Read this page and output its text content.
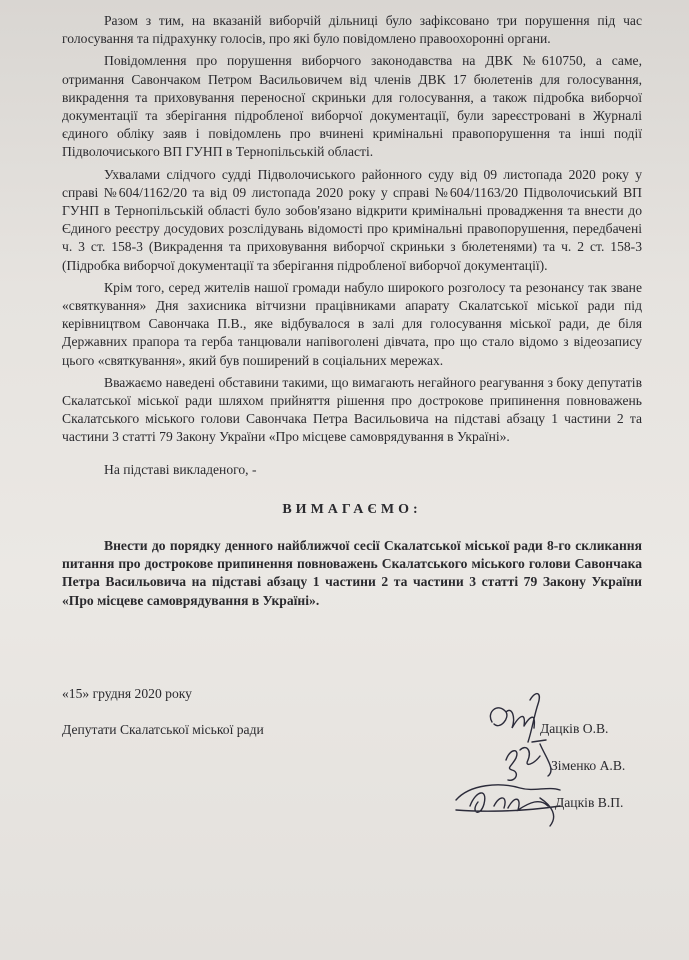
Разом з тим, на вказаній виборчій дільниці було зафіксовано три порушення під час голосування та підрахунку голосів, про які було повідомлено правоохоронні органи.

Повідомлення про порушення виборчого законодавства на ДВК №610750, а саме, отримання Савончаком Петром Васильовичем від членів ДВК 17 бюлетенів для голосування, викрадення та приховування переносної скриньки для голосування, а також підробка виборчої документації та зберігання підробленої виборчої документації, були зареєстровані в Журналі єдиного обліку заяв і повідомлень про вчинені кримінальні правопорушення та інші події Підволочиського ВП ГУНП в Тернопільській області.

Ухвалами слідчого судді Підволочиського районного суду від 09 листопада 2020 року у справі №604/1162/20 та від 09 листопада 2020 року у справі №604/1163/20 Підволочиський ВП ГУНП в Тернопільській області було зобов'язано відкрити кримінальні провадження та внести до Єдиного реєстру досудових розслідувань відомості про кримінальні правопорушення, передбачені ч. 3 ст. 158-3 (Викрадення та приховування виборчої скриньки з бюлетенями) та ч. 2 ст. 158-3 (Підробка виборчої документації та зберігання підробленої виборчої документації).

Крім того, серед жителів нашої громади набуло широкого розголосу та резонансу так зване «святкування» Дня захисника вітчизни працівниками апарату Скалатської міської ради під керівництвом Савончака П.В., яке відбувалося в залі для голосування міської ради, де біля Державних прапора та герба танцювали напівоголені дівчата, про що стало відомо з відеозапису цього «святкування», який був поширений в соціальних мережах.

Вважаємо наведені обставини такими, що вимагають негайного реагування з боку депутатів Скалатської міської ради шляхом прийняття рішення про дострокове припинення повноважень Скалатського міського голови Савончака Петра Васильовича на підставі абзацу 1 частини 2 та частини 3 статті 79 Закону України «Про місцеве самоврядування в Україні».

На підставі викладеного, -

ВИМАГАЄМО:

Внести до порядку денного найближчої сесії Скалатської міської ради 8-го скликання питання про дострокове припинення повноважень Скалатського міського голови Савончака Петра Васильовича на підставі абзацу 1 частини 2 та частини 3 статті 79 Закону України «Про місцеве самоврядування в Україні».

«15» грудня 2020 року
Депутати Скалатської міської ради	Дацків О.В.
Зіменко А.В.
Дацків В.П.
